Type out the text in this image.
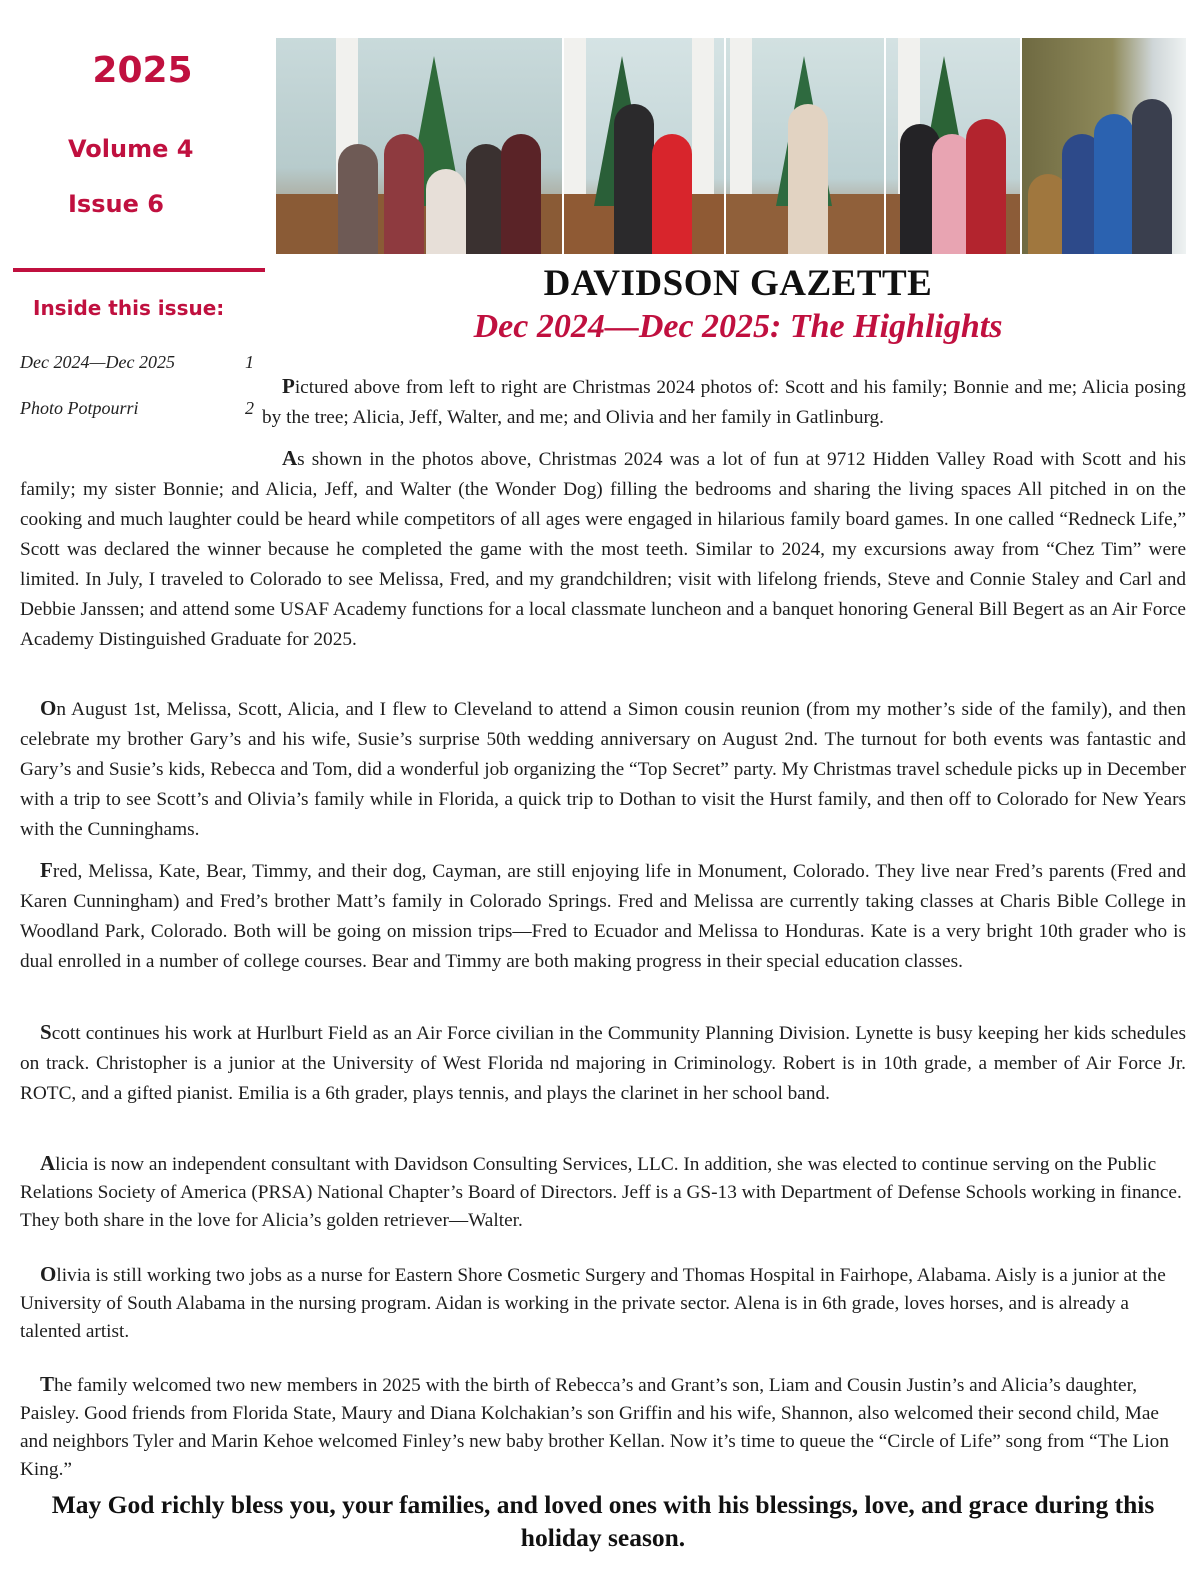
2025
Volume 4
Issue 6
Inside this issue:
Dec 2024—Dec 2025	1
Photo Potpourri	2
DAVIDSON GAZETTE
Dec 2024—Dec 2025: The Highlights

Pictured above from left to right are Christmas 2024 photos of: Scott and his family; Bonnie and me; Alicia posing by the tree; Alicia, Jeff, Walter, and me; and Olivia and her family in Gatlinburg.

As shown in the photos above, Christmas 2024 was a lot of fun at 9712 Hidden Valley Road with Scott and his family; my sister Bonnie; and Alicia, Jeff, and Walter (the Wonder Dog) filling the bedrooms and sharing the living spaces All pitched in on the cooking and much laughter could be heard while competitors of all ages were engaged in hilarious family board games. In one called “Redneck Life,” Scott was declared the winner because he completed the game with the most teeth. Similar to 2024, my excursions away from “Chez Tim” were limited. In July, I traveled to Colorado to see Melissa, Fred, and my grandchildren; visit with lifelong friends, Steve and Connie Staley and Carl and Debbie Janssen; and attend some USAF Academy functions for a local classmate luncheon and a banquet honoring General Bill Begert as an Air Force Academy Distinguished Graduate for 2025.

On August 1st, Melissa, Scott, Alicia, and I flew to Cleveland to attend a Simon cousin reunion (from my mother’s side of the family), and then celebrate my brother Gary’s and his wife, Susie’s surprise 50th wedding anniversary on August 2nd. The turnout for both events was fantastic and Gary’s and Susie’s kids, Rebecca and Tom, did a wonderful job organizing the “Top Secret” party. My Christmas travel schedule picks up in December with a trip to see Scott’s and Olivia’s family while in Florida, a quick trip to Dothan to visit the Hurst family, and then off to Colorado for New Years with the Cunninghams.

Fred, Melissa, Kate, Bear, Timmy, and their dog, Cayman, are still enjoying life in Monument, Colorado. They live near Fred’s parents (Fred and Karen Cunningham) and Fred’s brother Matt’s family in Colorado Springs. Fred and Melissa are currently taking classes at Charis Bible College in Woodland Park, Colorado. Both will be going on mission trips—Fred to Ecuador and Melissa to Honduras. Kate is a very bright 10th grader who is dual enrolled in a number of college courses. Bear and Timmy are both making progress in their special education classes.

Scott continues his work at Hurlburt Field as an Air Force civilian in the Community Planning Division. Lynette is busy keeping her kids schedules on track. Christopher is a junior at the University of West Florida nd majoring in Criminology. Robert is in 10th grade, a member of Air Force Jr. ROTC, and a gifted pianist. Emilia is a 6th grader, plays tennis, and plays the clarinet in her school band.

Alicia is now an independent consultant with Davidson Consulting Services, LLC. In addition, she was elected to continue serving on the Public Relations Society of America (PRSA) National Chapter’s Board of Directors. Jeff is a GS-13 with Department of Defense Schools working in finance. They both share in the love for Alicia’s golden retriever—Walter.

Olivia is still working two jobs as a nurse for Eastern Shore Cosmetic Surgery and Thomas Hospital in Fairhope, Alabama. Aisly is a junior at the University of South Alabama in the nursing program. Aidan is working in the private sector. Alena is in 6th grade, loves horses, and is already a talented artist.

The family welcomed two new members in 2025 with the birth of Rebecca’s and Grant’s son, Liam and Cousin Justin’s and Alicia’s daughter, Paisley. Good friends from Florida State, Maury and Diana Kolchakian’s son Griffin and his wife, Shannon, also welcomed their second child, Mae and neighbors Tyler and Marin Kehoe welcomed Finley’s new baby brother Kellan. Now it’s time to queue the “Circle of Life” song from “The Lion King.”

May God richly bless you, your families, and loved ones with his blessings, love, and grace during this holiday season.
